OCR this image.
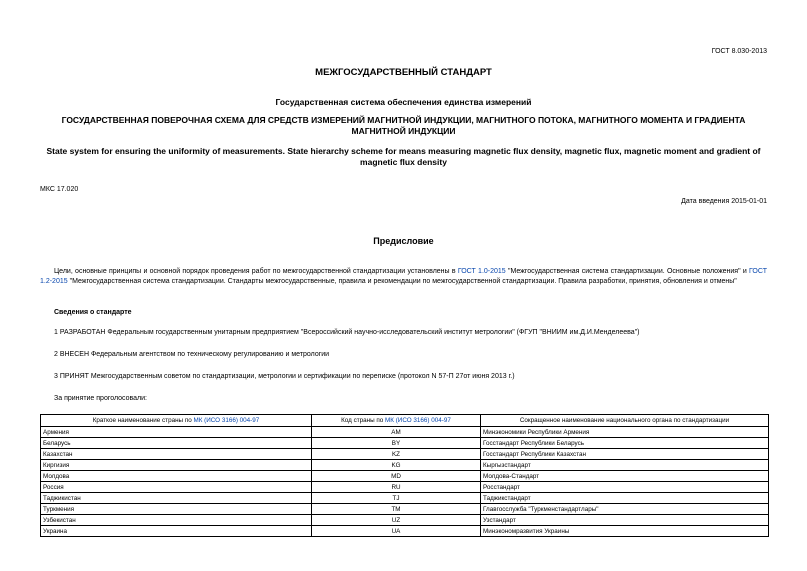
ГОСТ 8.030-2013
МЕЖГОСУДАРСТВЕННЫЙ СТАНДАРТ
Государственная система обеспечения единства измерений
ГОСУДАРСТВЕННАЯ ПОВЕРОЧНАЯ СХЕМА ДЛЯ СРЕДСТВ ИЗМЕРЕНИЙ МАГНИТНОЙ ИНДУКЦИИ, МАГНИТНОГО ПОТОКА, МАГНИТНОГО МОМЕНТА И ГРАДИЕНТА МАГНИТНОЙ ИНДУКЦИИ
State system for ensuring the uniformity of measurements. State hierarchy scheme for means measuring magnetic flux density, magnetic flux, magnetic moment and gradient of magnetic flux density
МКС 17.020
Дата введения 2015-01-01
Предисловие
Цели, основные принципы и основной порядок проведения работ по межгосударственной стандартизации установлены в ГОСТ 1.0-2015 "Межгосударственная система стандартизации. Основные положения" и ГОСТ 1.2-2015 "Межгосударственная система стандартизации. Стандарты межгосударственные, правила и рекомендации по межгосударственной стандартизации. Правила разработки, принятия, обновления и отмены"
Сведения о стандарте
1 РАЗРАБОТАН Федеральным государственным унитарным предприятием "Всероссийский научно-исследовательский институт метрологии" (ФГУП "ВНИИМ им.Д.И.Менделеева")
2 ВНЕСЕН Федеральным агентством по техническому регулированию и метрологии
3 ПРИНЯТ Межгосударственным советом по стандартизации, метрологии и сертификации по переписке (протокол N 57-П 27от июня 2013 г.)
За принятие проголосовали:
Краткое наименование страны по МК (ИСО 3166) 004-97	Код страны по МК (ИСО 3166) 004-97	Сокращенное наименование национального органа по стандартизации
Армения	AM	Минэкономики Республики Армения
Беларусь	BY	Госстандарт Республики Беларусь
Казахстан	KZ	Госстандарт Республики Казахстан
Киргизия	KG	Кыргызстандарт
Молдова	MD	Молдова-Стандарт
Россия	RU	Росстандарт
Таджикистан	TJ	Таджикстандарт
Туркмения	TM	Главгосслужба "Туркменстандартлары"
Узбекистан	UZ	Узстандарт
Украина	UA	Минэкономразвития Украины
